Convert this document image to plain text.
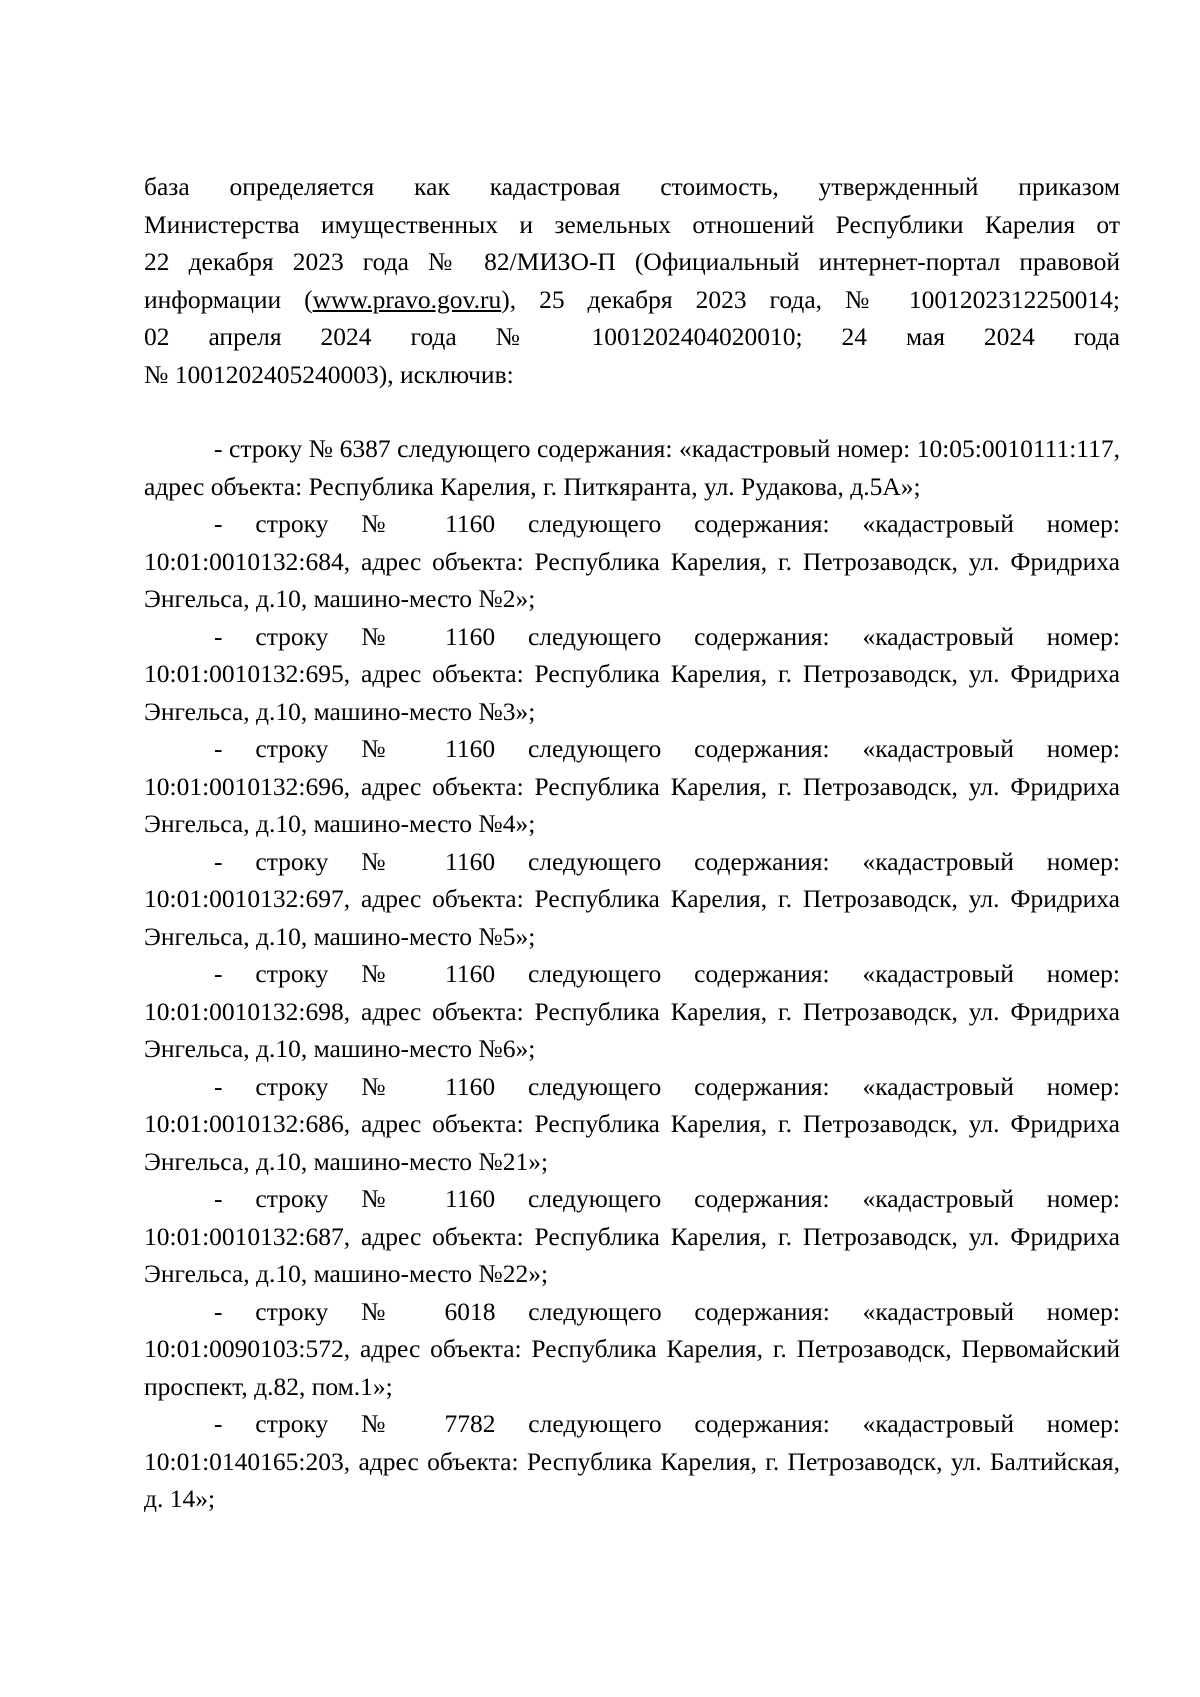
база определяется как кадастровая стоимость, утвержденный приказом
Министерства имущественных и земельных отношений Республики Карелия от
22 декабря 2023 года № 82/МИЗО-П (Официальный интернет-портал правовой
информации (www.pravo.gov.ru), 25 декабря 2023 года, № 1001202312250014;
02 апреля 2024 года № 1001202404020010; 24 мая 2024 года
№ 1001202405240003), исключив:

- строку № 6387 следующего содержания: «кадастровый номер: 10:05:0010111:117, адрес объекта: Республика Карелия, г. Питкяранта, ул. Рудакова, д.5А»;

- строку № 1160 следующего содержания: «кадастровый номер: 10:01:0010132:684, адрес объекта: Республика Карелия, г. Петрозаводск, ул. Фридриха Энгельса, д.10, машино-место №2»;

- строку № 1160 следующего содержания: «кадастровый номер: 10:01:0010132:695, адрес объекта: Республика Карелия, г. Петрозаводск, ул. Фридриха Энгельса, д.10, машино-место №3»;

- строку № 1160 следующего содержания: «кадастровый номер: 10:01:0010132:696, адрес объекта: Республика Карелия, г. Петрозаводск, ул. Фридриха Энгельса, д.10, машино-место №4»;

- строку № 1160 следующего содержания: «кадастровый номер: 10:01:0010132:697, адрес объекта: Республика Карелия, г. Петрозаводск, ул. Фридриха Энгельса, д.10, машино-место №5»;

- строку № 1160 следующего содержания: «кадастровый номер: 10:01:0010132:698, адрес объекта: Республика Карелия, г. Петрозаводск, ул. Фридриха Энгельса, д.10, машино-место №6»;

- строку № 1160 следующего содержания: «кадастровый номер: 10:01:0010132:686, адрес объекта: Республика Карелия, г. Петрозаводск, ул. Фридриха Энгельса, д.10, машино-место №21»;

- строку № 1160 следующего содержания: «кадастровый номер: 10:01:0010132:687, адрес объекта: Республика Карелия, г. Петрозаводск, ул. Фридриха Энгельса, д.10, машино-место №22»;

- строку № 6018 следующего содержания: «кадастровый номер: 10:01:0090103:572, адрес объекта: Республика Карелия, г. Петрозаводск, Первомайский проспект, д.82, пом.1»;

- строку № 7782 следующего содержания: «кадастровый номер: 10:01:0140165:203, адрес объекта: Республика Карелия, г. Петрозаводск, ул. Балтийская, д. 14»;
